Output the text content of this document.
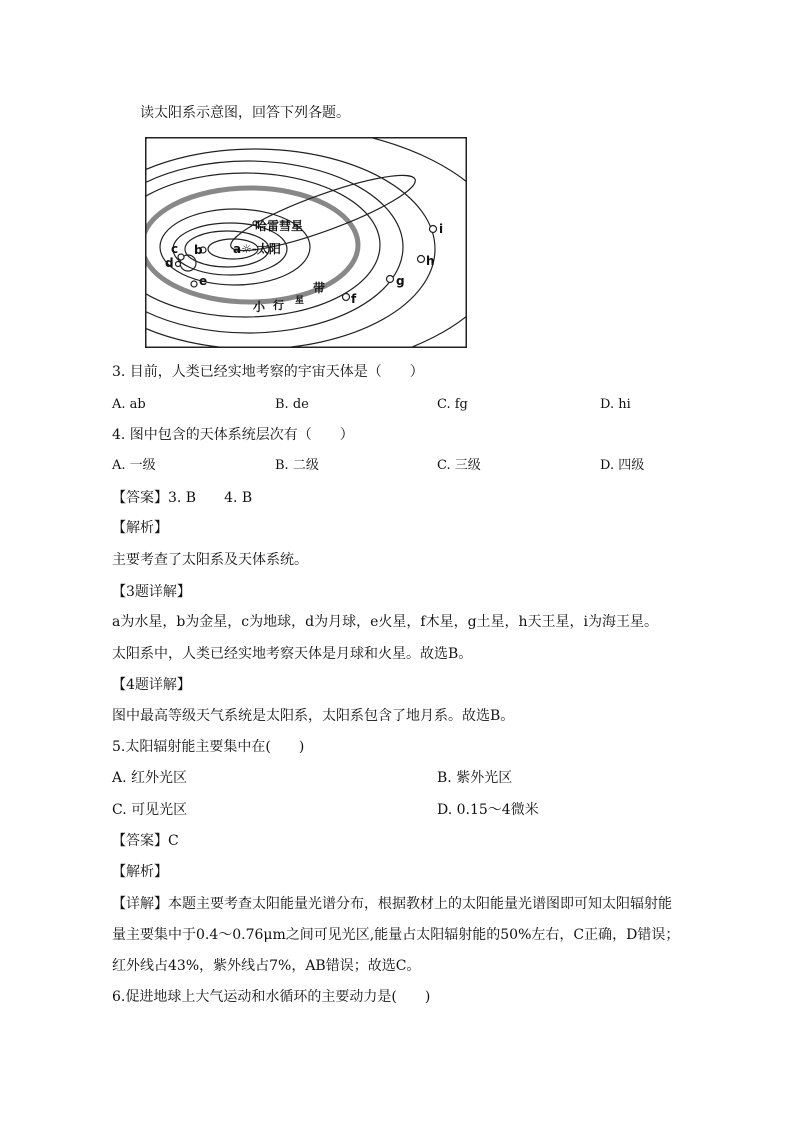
读太阳系示意图，回答下列各题。
哈雷彗星
a☼-太阳
小 行 星
带
b
c
d
e
f
g
h
i
3. 目前，人类已经实地考察的宇宙天体是（　　）
A. ab	B. de	C. fg	D. hi
4. 图中包含的天体系统层次有（　　）
A. 一级	B. 二级	C. 三级	D. 四级
【答案】3. B　　4. B
【解析】
主要考查了太阳系及天体系统。
【3题详解】
a为水星，b为金星，c为地球，d为月球，e火星，f木星，g土星，h天王星，i为海王星。
太阳系中，人类已经实地考察天体是月球和火星。故选B。
【4题详解】
图中最高等级天气系统是太阳系，太阳系包含了地月系。故选B。
5.太阳辐射能主要集中在(　　)
A. 红外光区	B. 紫外光区
C. 可见光区	D. 0.15～4微米
【答案】C
【解析】
【详解】本题主要考查太阳能量光谱分布，根据教材上的太阳能量光谱图即可知太阳辐射能
量主要集中于0.4～0.76μm之间可见光区,能量占太阳辐射能的50%左右，C正确，D错误；
红外线占43%，紫外线占7%，AB错误；故选C。
6.促进地球上大气运动和水循环的主要动力是(　　)
